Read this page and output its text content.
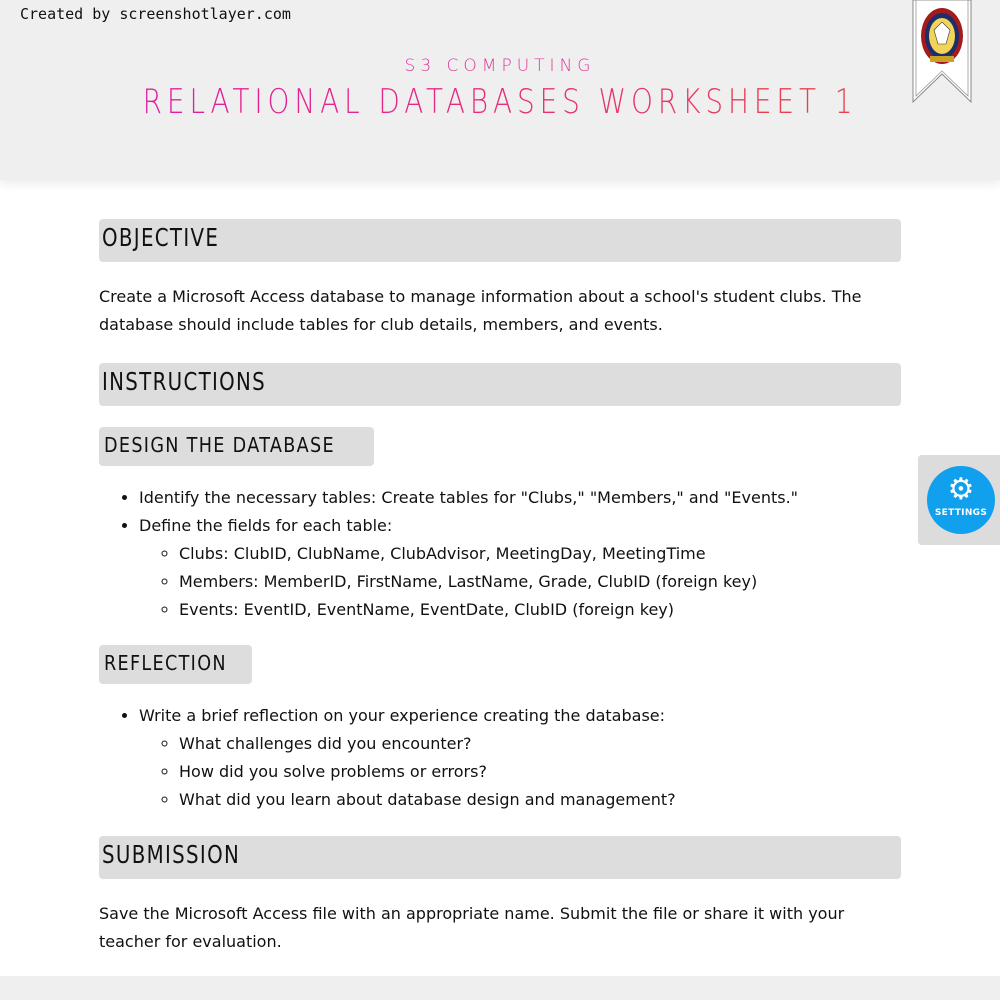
Created by screenshotlayer.com
S3 COMPUTING
RELATIONAL DATABASES WORKSHEET 1
OBJECTIVE

Create a Microsoft Access database to manage information about a school's student clubs. The database should include tables for club details, members, and events.

INSTRUCTIONS
DESIGN THE DATABASE
• Identify the necessary tables: Create tables for "Clubs," "Members," and "Events."
• Define the fields for each table:
◦ Clubs: ClubID, ClubName, ClubAdvisor, MeetingDay, MeetingTime
◦ Members: MemberID, FirstName, LastName, Grade, ClubID (foreign key)
◦ Events: EventID, EventName, EventDate, ClubID (foreign key)
REFLECTION
• Write a brief reflection on your experience creating the database:
◦ What challenges did you encounter?
◦ How did you solve problems or errors?
◦ What did you learn about database design and management?
SUBMISSION

Save the Microsoft Access file with an appropriate name. Submit the file or share it with your teacher for evaluation.

⚙
SETTINGS
